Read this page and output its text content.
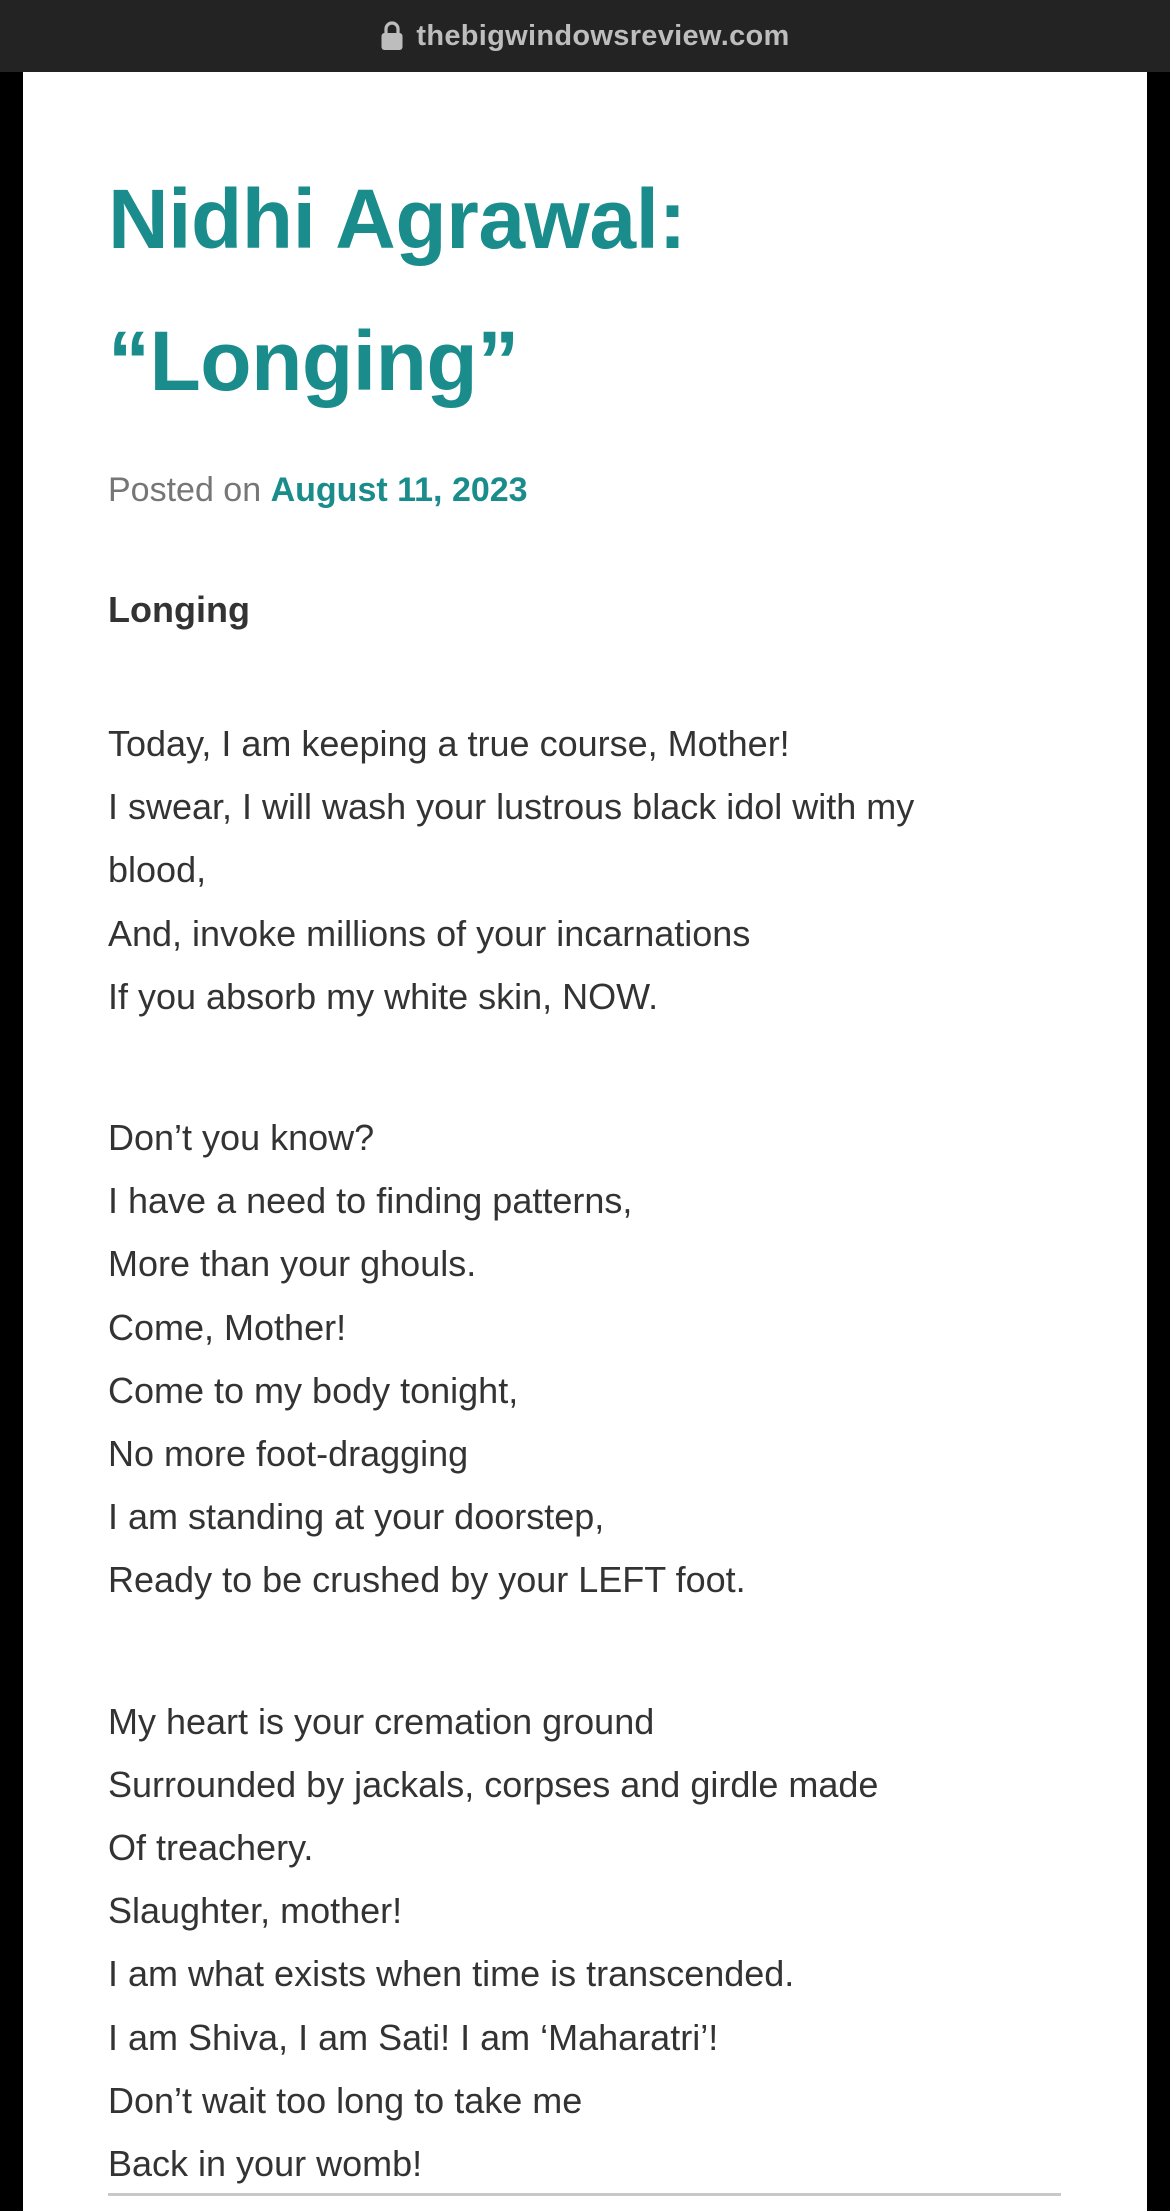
thebigwindowsreview.com
Nidhi Agrawal:
“Longing”
Posted on August 11, 2023
Longing
Today, I am keeping a true course, Mother!
I swear, I will wash your lustrous black idol with my
blood,
And, invoke millions of your incarnations
If you absorb my white skin, NOW.
Don’t you know?
I have a need to finding patterns,
More than your ghouls.
Come, Mother!
Come to my body tonight,
No more foot-dragging
I am standing at your doorstep,
Ready to be crushed by your LEFT foot.
My heart is your cremation ground
Surrounded by jackals, corpses and girdle made
Of treachery.
Slaughter, mother!
I am what exists when time is transcended.
I am Shiva, I am Sati! I am ‘Maharatri’!
Don’t wait too long to take me
Back in your womb!
